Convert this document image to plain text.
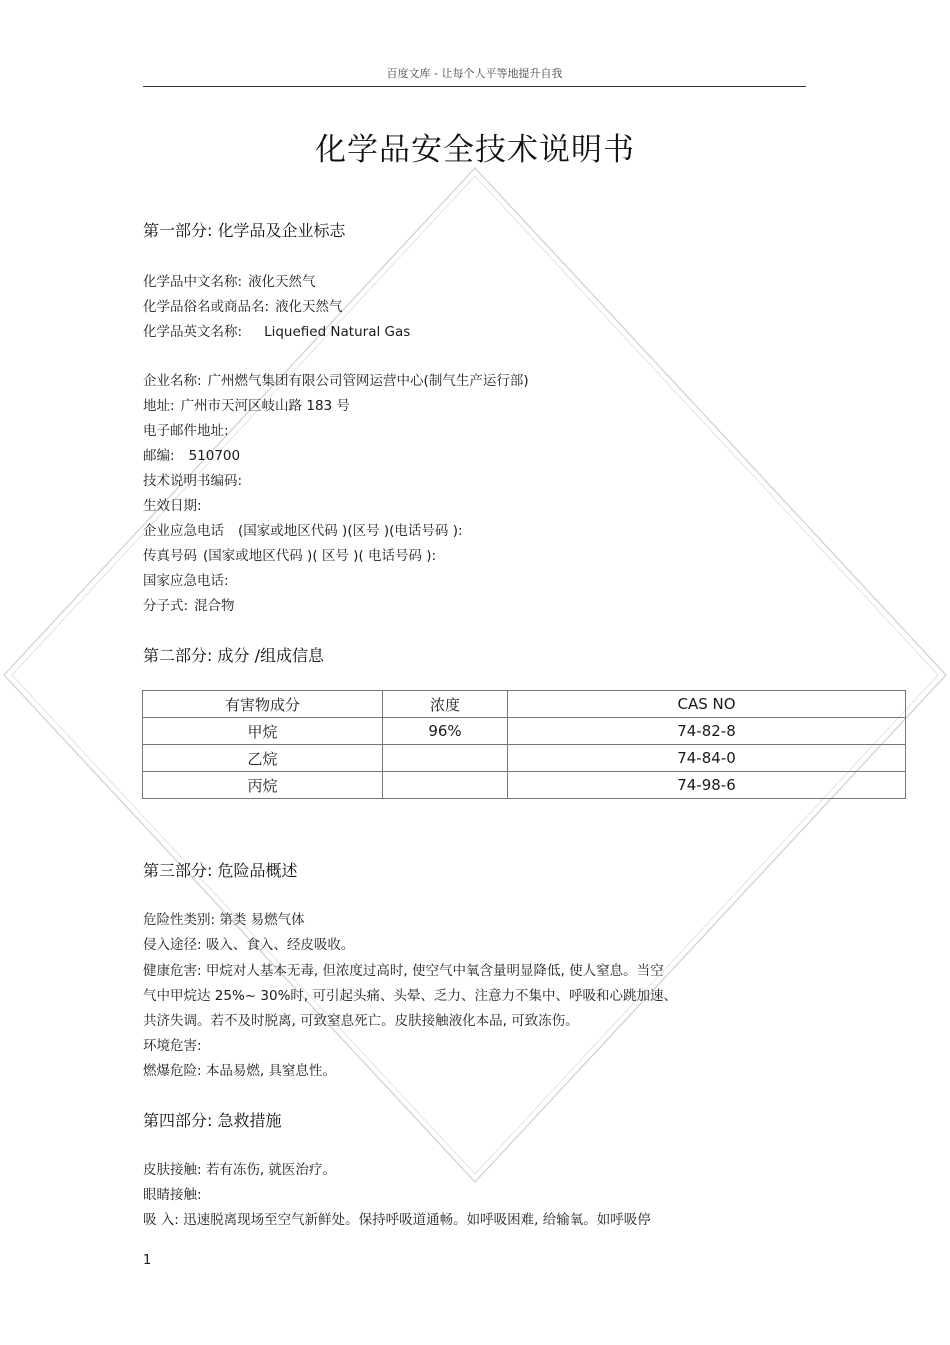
百度文库 - 让每个人平等地提升自我
化学品安全技术说明书
第一部分: 化学品及企业标志
化学品中文名称: 液化天然气
化学品俗名或商品名: 液化天然气
化学品英文名称: Liquefied Natural Gas
企业名称: 广州燃气集团有限公司管网运营中心(制气生产运行部)
地址: 广州市天河区岐山路 183 号
电子邮件地址:
邮编: 510700
技术说明书编码:
生效日期:
企业应急电话 (国家或地区代码 )(区号 )(电话号码 ):
传真号码 (国家或地区代码 )( 区号 )( 电话号码 ):
国家应急电话:
分子式: 混合物
第二部分: 成分 /组成信息
有害物成分	浓度	CAS NO
甲烷	96%	74-82-8
乙烷		74-84-0
丙烷		74-98-6
第三部分: 危险品概述
危险性类别: 第类 易燃气体
侵入途径: 吸入、食入、经皮吸收。
健康危害: 甲烷对人基本无毒, 但浓度过高时, 使空气中氧含量明显降低, 使人窒息。当空
气中甲烷达 25%~ 30%时, 可引起头痛、头晕、乏力、注意力不集中、呼吸和心跳加速、
共济失调。若不及时脱离, 可致窒息死亡。皮肤接触液化本品, 可致冻伤。
环境危害:
燃爆危险: 本品易燃, 具窒息性。
第四部分: 急救措施
皮肤接触: 若有冻伤, 就医治疗。
眼睛接触:
吸 入: 迅速脱离现场至空气新鲜处。保持呼吸道通畅。如呼吸困难, 给输氧。如呼吸停
1
